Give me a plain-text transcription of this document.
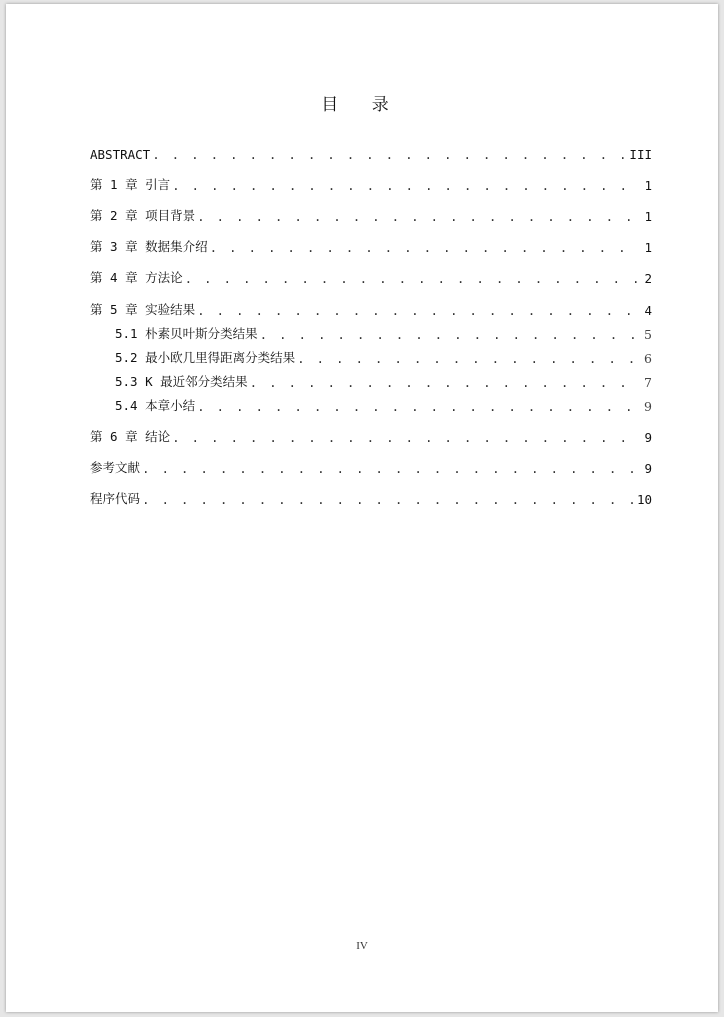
目 录
ABSTRACT . . .	III
第 1 章 引言 . . .	1
第 2 章 项目背景 . . .	1
第 3 章 数据集介绍 . . .	1
第 4 章 方法论 . . .	2
第 5 章 实验结果 . . .	4
5.1 朴素贝叶斯分类结果 . . .	5
5.2 最小欧几里得距离分类结果 . . .	6
5.3 K 最近邻分类结果 . . .	7
5.4 本章小结 . . .	9
第 6 章 结论 . . .	9
参考文献 . . .	9
程序代码 . . .	10
IV
